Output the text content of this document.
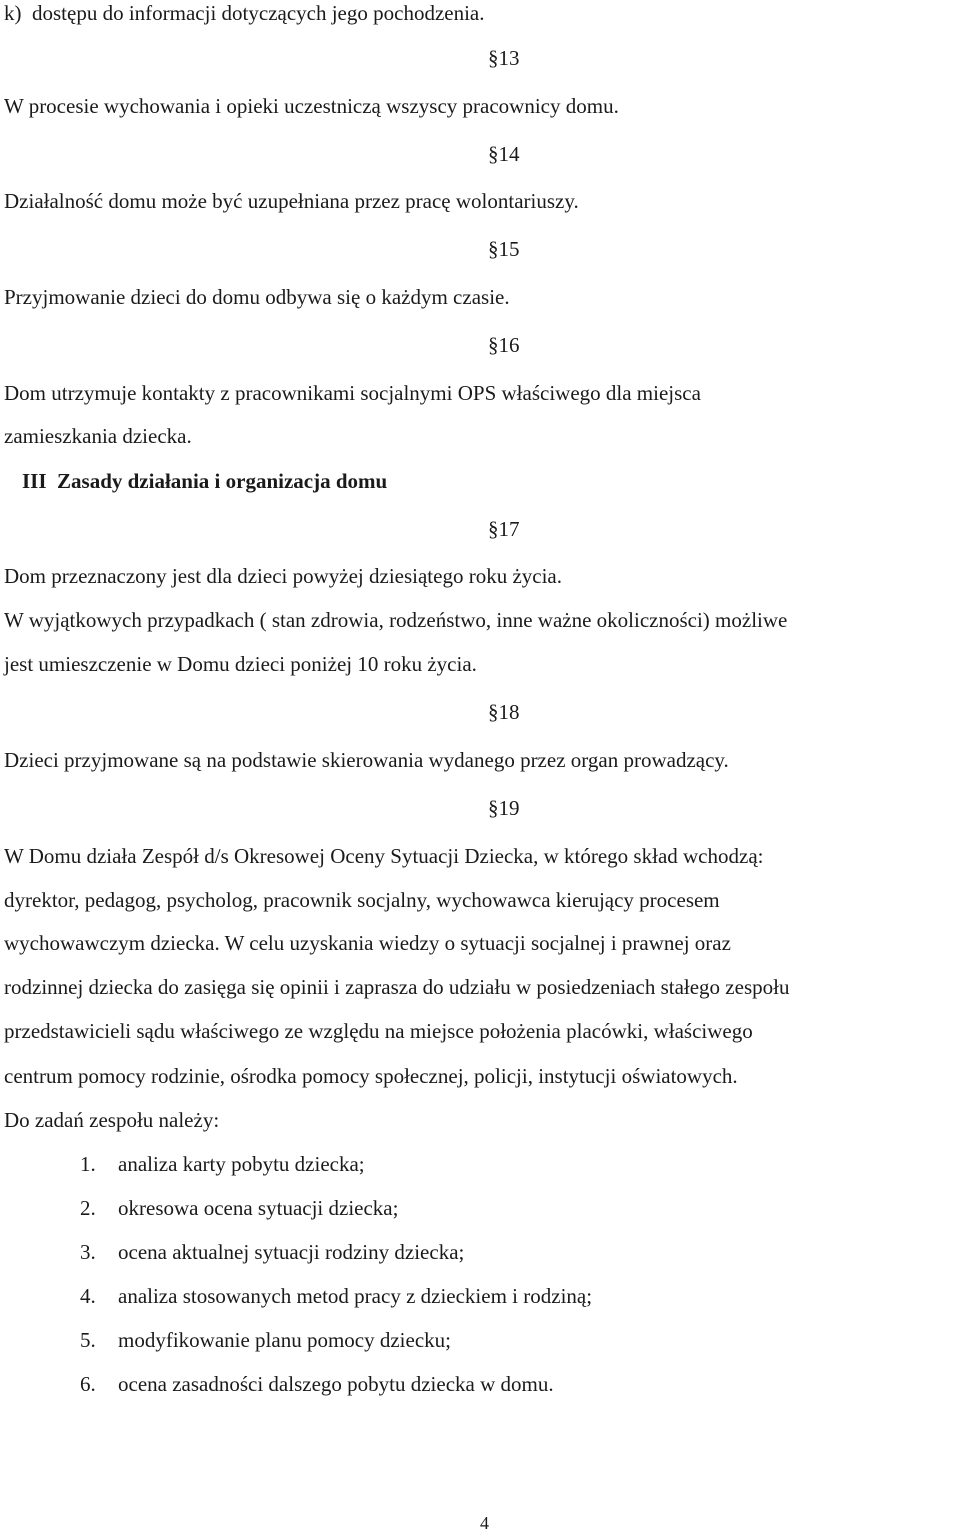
k)  dostępu do informacji dotyczących jego pochodzenia.
§13
W procesie wychowania i opieki uczestniczą wszyscy pracownicy domu.
§14
Działalność domu może być uzupełniana przez pracę wolontariuszy.
§15
Przyjmowanie dzieci do domu odbywa się o każdym czasie.
§16
Dom utrzymuje kontakty z pracownikami socjalnymi OPS właściwego dla miejsca
zamieszkania dziecka.
III  Zasady działania i organizacja domu
§17
Dom przeznaczony jest dla dzieci powyżej dziesiątego roku życia.
W wyjątkowych przypadkach ( stan zdrowia, rodzeństwo, inne ważne okoliczności) możliwe
jest umieszczenie w Domu dzieci poniżej 10 roku życia.
§18
Dzieci przyjmowane są na podstawie skierowania wydanego przez organ prowadzący.
§19
W Domu działa Zespół d/s Okresowej Oceny Sytuacji Dziecka, w którego skład wchodzą:
dyrektor, pedagog, psycholog, pracownik socjalny, wychowawca kierujący procesem
wychowawczym dziecka. W celu uzyskania wiedzy o sytuacji socjalnej i prawnej oraz
rodzinnej dziecka do zasięga się opinii i zaprasza do udziału w posiedzeniach stałego zespołu
przedstawicieli sądu właściwego ze względu na miejsce położenia placówki, właściwego
centrum pomocy rodzinie, ośrodka pomocy społecznej, policji, instytucji oświatowych.
Do zadań zespołu należy:
1. analiza karty pobytu dziecka;
2. okresowa ocena sytuacji dziecka;
3. ocena aktualnej sytuacji rodziny dziecka;
4. analiza stosowanych metod pracy z dzieckiem i rodziną;
5. modyfikowanie planu pomocy dziecku;
6. ocena zasadności dalszego pobytu dziecka w domu.
4
